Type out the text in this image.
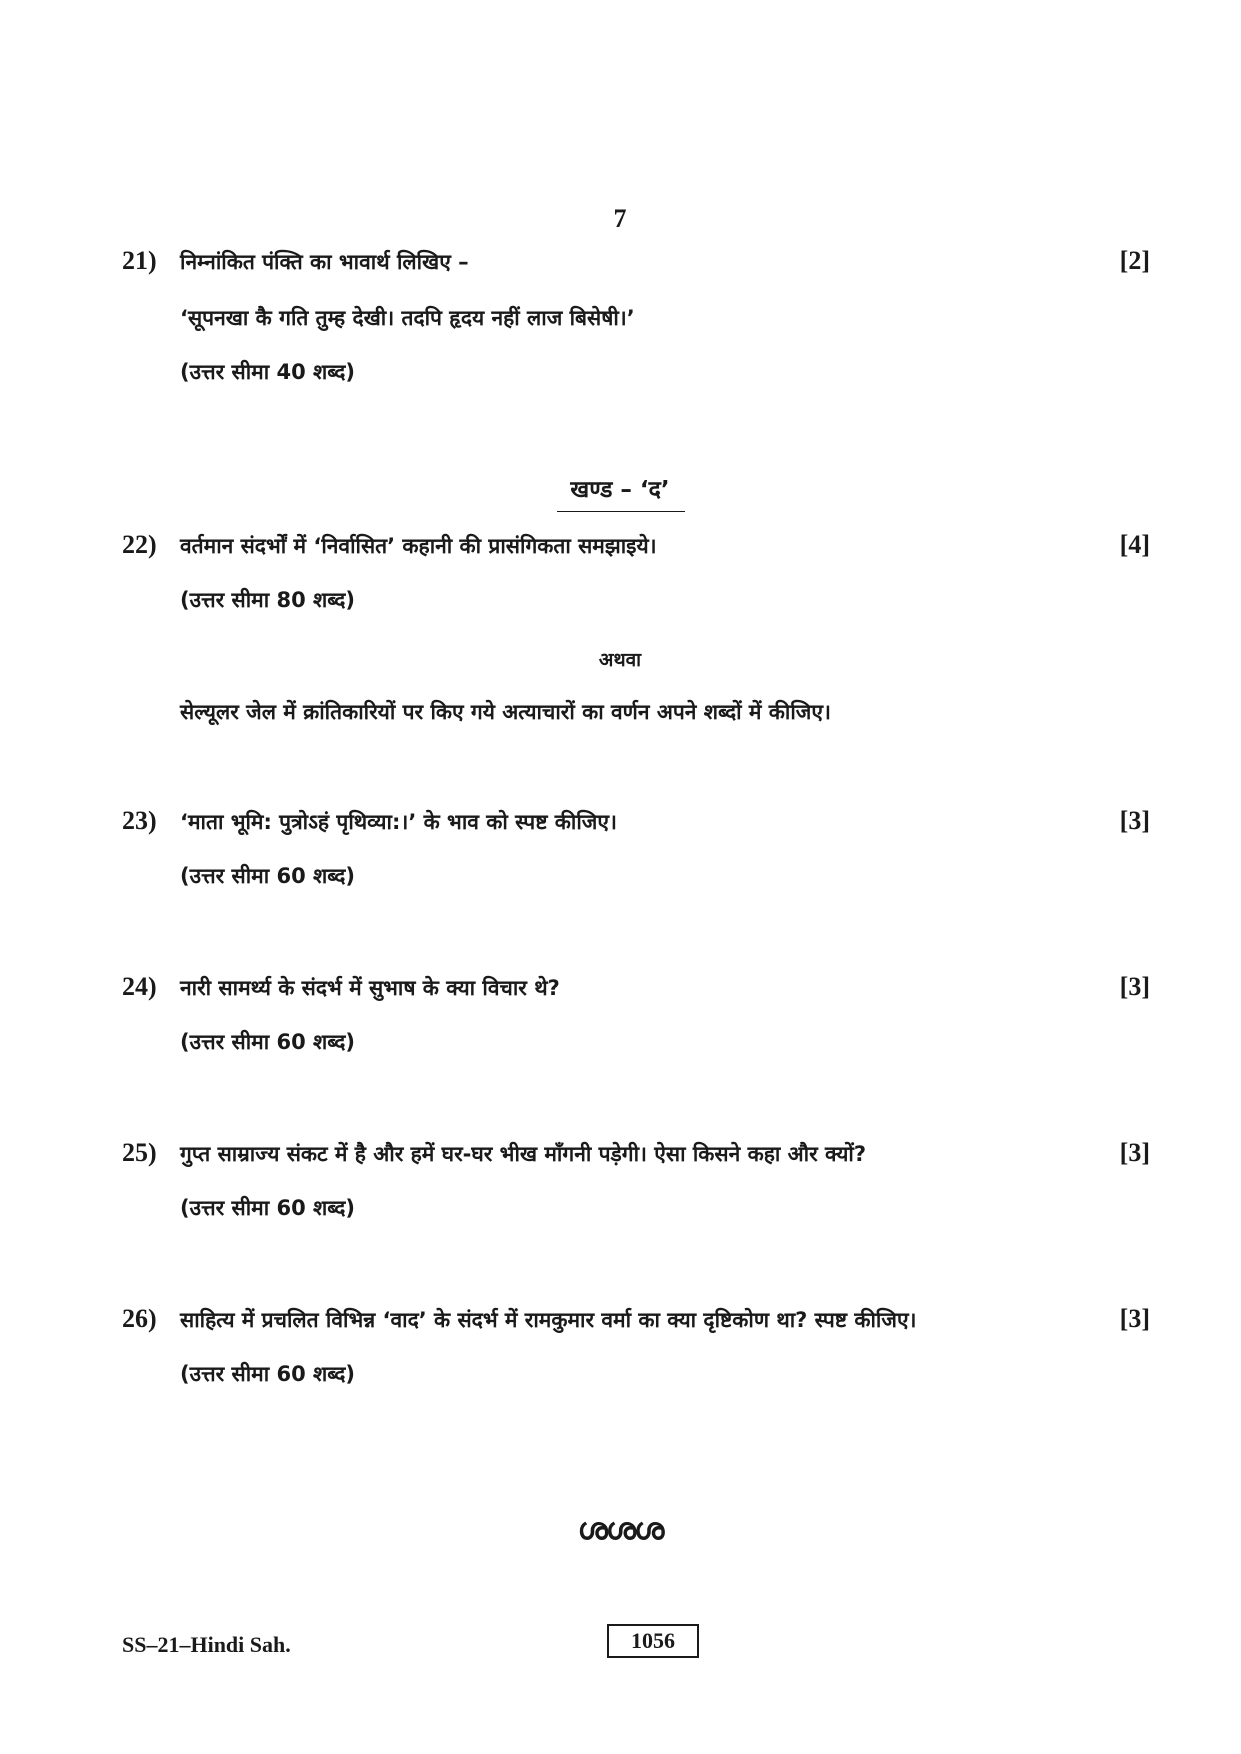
7
21)	निम्नांकित पंक्ति का भावार्थ लिखिए –	[2]
‘सूपनखा कै गति तुम्ह देखी। तदपि हृदय नहीं लाज बिसेषी।’
(उत्तर सीमा 40 शब्द)
खण्ड – ‘द’
22)	वर्तमान संदर्भों में ‘निर्वासित’ कहानी की प्रासंगिकता समझाइये।	[4]
(उत्तर सीमा 80 शब्द)
अथवा
सेल्यूलर जेल में क्रांतिकारियों पर किए गये अत्याचारों का वर्णन अपने शब्दों में कीजिए।
23)	‘माता भूमि: पुत्रोऽहं पृथिव्या:।’ के भाव को स्पष्ट कीजिए।	[3]
(उत्तर सीमा 60 शब्द)
24)	नारी सामर्थ्य के संदर्भ में सुभाष के क्या विचार थे?	[3]
(उत्तर सीमा 60 शब्द)
25)	गुप्त साम्राज्य संकट में है और हमें घर-घर भीख माँगनी पड़ेगी। ऐसा किसने कहा और क्यों?	[3]
(उत्तर सीमा 60 शब्द)
26)	साहित्य में प्रचलित विभिन्न ‘वाद’ के संदर्भ में रामकुमार वर्मा का क्या दृष्टिकोण था? स्पष्ट कीजिए।	[3]
(उत्तर सीमा 60 शब्द)
ശശശ
SS–21–Hindi Sah.	1056
